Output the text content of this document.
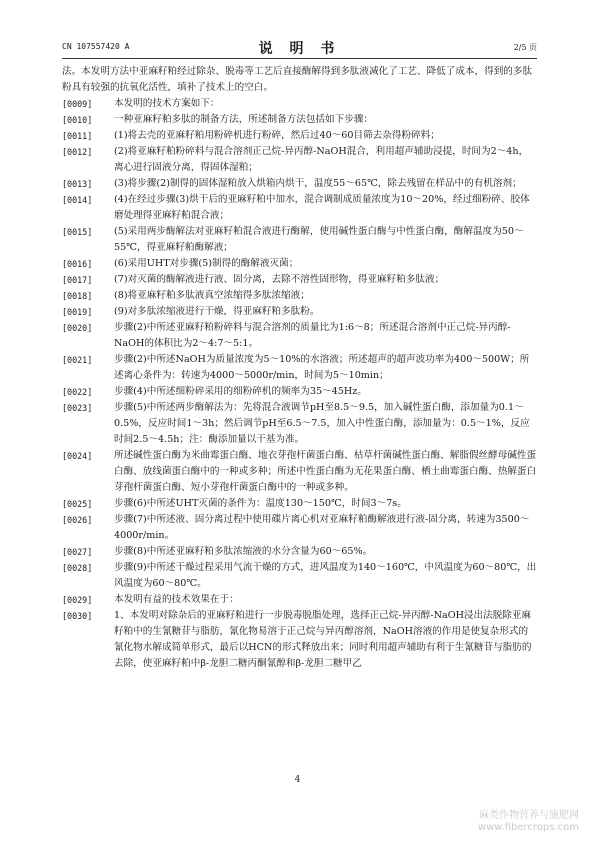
CN 107557420 A	说 明 书	2/5 页
法。本发明方法中亚麻籽粕经过除杂、脱毒等工艺后直接酶解得到多肽液减化了工艺、降低了成本，得到的多肽粉具有较强的抗氧化活性，填补了技术上的空白。
[0009] 本发明的技术方案如下：
[0010] 一种亚麻籽粕多肽的制备方法，所述制备方法包括如下步骤：
[0011] (1)将去壳的亚麻籽粕用粉碎机进行粉碎，然后过40～60目筛去杂得粉碎料；
[0012] (2)将亚麻籽粕粉碎料与混合溶剂正己烷-异丙醇-NaOH混合，利用超声辅助浸提，时间为2～4h，离心进行固液分离，得固体湿粕；
[0013] (3)将步骤(2)制得的固体湿粕放入烘箱内烘干，温度55～65℃，除去残留在样品中的有机溶剂；
[0014] (4)在经过步骤(3)烘干后的亚麻籽粕中加水，混合调制成质量浓度为10～20%，经过细粉碎、胶体磨处理得亚麻籽粕混合液；
[0015] (5)采用两步酶解法对亚麻籽粕混合液进行酶解，使用碱性蛋白酶与中性蛋白酶，酶解温度为50～55℃，得亚麻籽粕酶解液；
[0016] (6)采用UHT对步骤(5)制得的酶解液灭菌；
[0017] (7)对灭菌的酶解液进行液、固分离，去除不溶性固形物，得亚麻籽粕多肽液；
[0018] (8)将亚麻籽粕多肽液真空浓缩得多肽浓缩液；
[0019] (9)对多肽浓缩液进行干燥，得亚麻籽粕多肽粉。
[0020] 步骤(2)中所述亚麻籽粕粉碎料与混合溶剂的质量比为1:6～8；所述混合溶剂中正己烷-异丙醇-NaOH的体积比为2～4:7～5:1。
[0021] 步骤(2)中所述NaOH为质量浓度为5～10%的水溶液；所述超声的超声波功率为400～500W；所述离心条件为：转速为4000～5000r/min，时间为5～10min；
[0022] 步骤(4)中所述细粉碎采用的细粉碎机的频率为35～45Hz。
[0023] 步骤(5)中所述两步酶解法为：先将混合液调节pH至8.5～9.5，加入碱性蛋白酶，添加量为0.1～0.5%，反应时间1～3h；然后调节pH至6.5～7.5，加入中性蛋白酶，添加量为：0.5～1%，反应时间2.5～4.5h；注：酶添加量以干基为准。
[0024] 所述碱性蛋白酶为米曲霉蛋白酶、地衣芽孢杆菌蛋白酶、枯草杆菌碱性蛋白酶、解脂假丝酵母碱性蛋白酶、放线菌蛋白酶中的一种或多种；所述中性蛋白酶为无花果蛋白酶、栖土曲霉蛋白酶、热解蛋白芽孢杆菌蛋白酶、短小芽孢杆菌蛋白酶中的一种或多种。
[0025] 步骤(6)中所述UHT灭菌的条件为：温度130～150℃，时间3～7s。
[0026] 步骤(7)中所述液、固分离过程中使用碟片离心机对亚麻籽粕酶解液进行液-固分离，转速为3500～4000r/min。
[0027] 步骤(8)中所述亚麻籽粕多肽浓缩液的水分含量为60～65%。
[0028] 步骤(9)中所述干燥过程采用气流干燥的方式，进风温度为140～160℃，中风温度为60～80℃，出风温度为60～80℃。
[0029] 本发明有益的技术效果在于：
[0030] 1、本发明对除杂后的亚麻籽粕进行一步脱毒脱脂处理，选择正己烷-异丙醇-NaOH浸出法脱除亚麻籽粕中的生氰糖苷与脂肪，氰化物易溶于正己烷与异丙醇溶剂，NaOH溶液的作用是使复杂形式的氰化物水解成简单形式，最后以HCN的形式释放出来；同时利用超声辅助有利于生氰糖苷与脂肪的去除，使亚麻籽粕中β-龙胆二糖丙酮氰醇和β-龙胆二糖甲乙
4
麻类作物营养与施肥网
www.fibercrops.com
